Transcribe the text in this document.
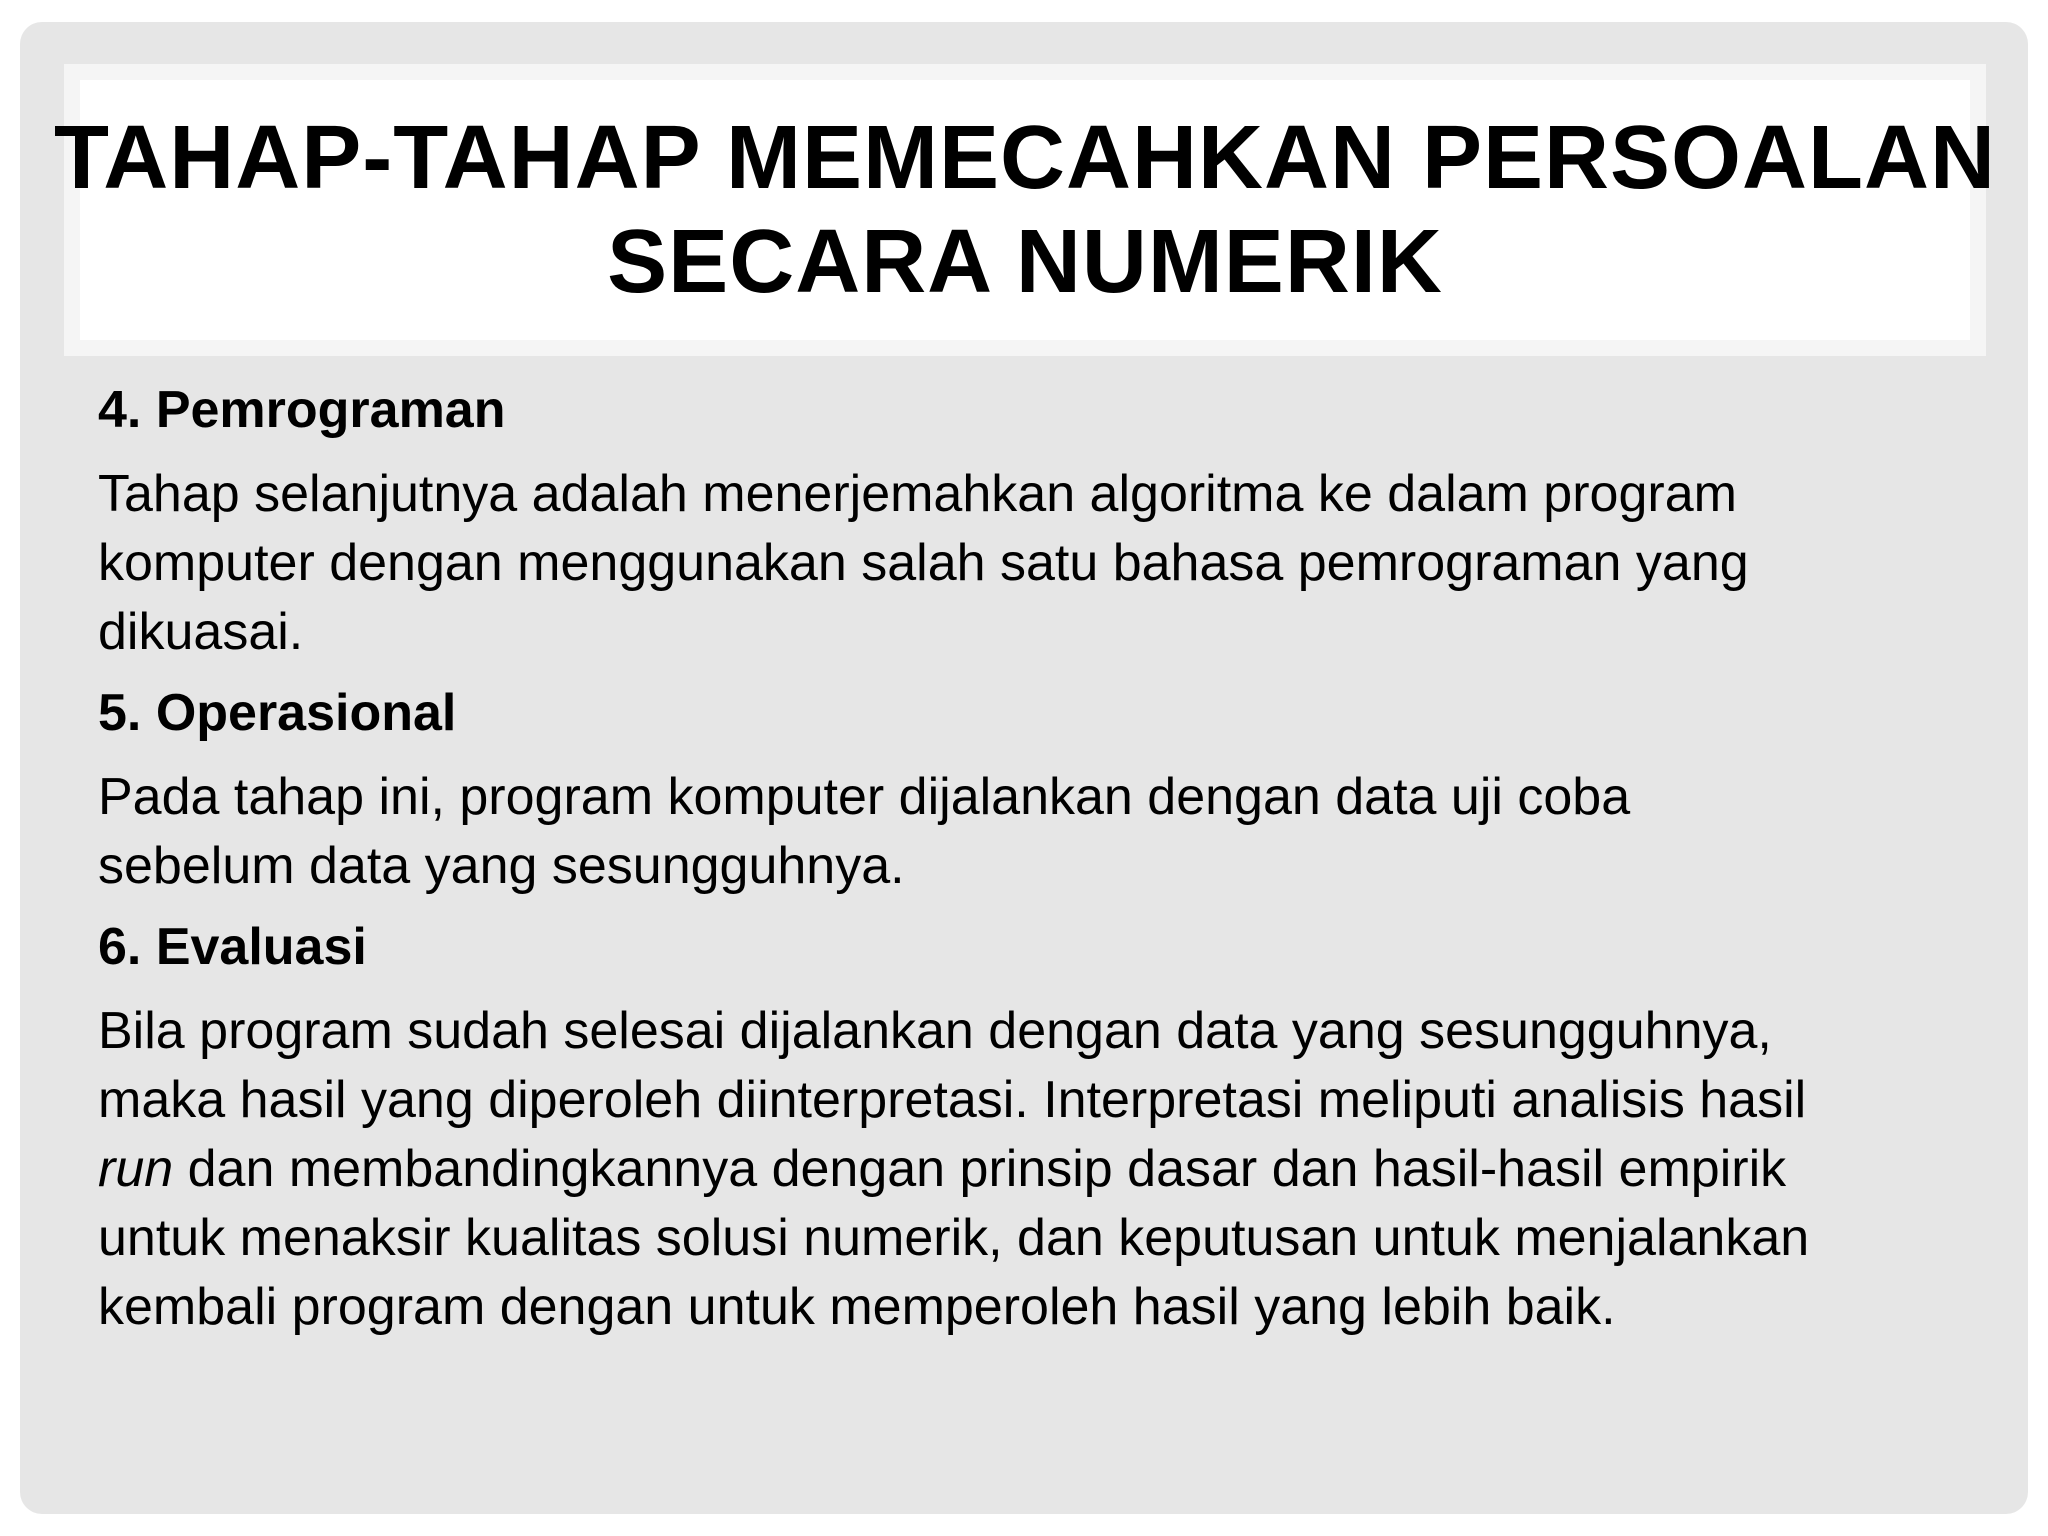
TAHAP-TAHAP MEMECAHKAN PERSOALAN
SECARA NUMERIK
4. Pemrograman
Tahap selanjutnya adalah menerjemahkan algoritma ke dalam program
komputer dengan menggunakan salah satu bahasa pemrograman yang
dikuasai.
5. Operasional
Pada tahap ini, program komputer dijalankan dengan data uji coba
sebelum data yang sesungguhnya.
6. Evaluasi
Bila program sudah selesai dijalankan dengan data yang sesungguhnya,
maka hasil yang diperoleh diinterpretasi. Interpretasi meliputi analisis hasil
run dan membandingkannya dengan prinsip dasar dan hasil-hasil empirik
untuk menaksir kualitas solusi numerik, dan keputusan untuk menjalankan
kembali program dengan untuk memperoleh hasil yang lebih baik.
